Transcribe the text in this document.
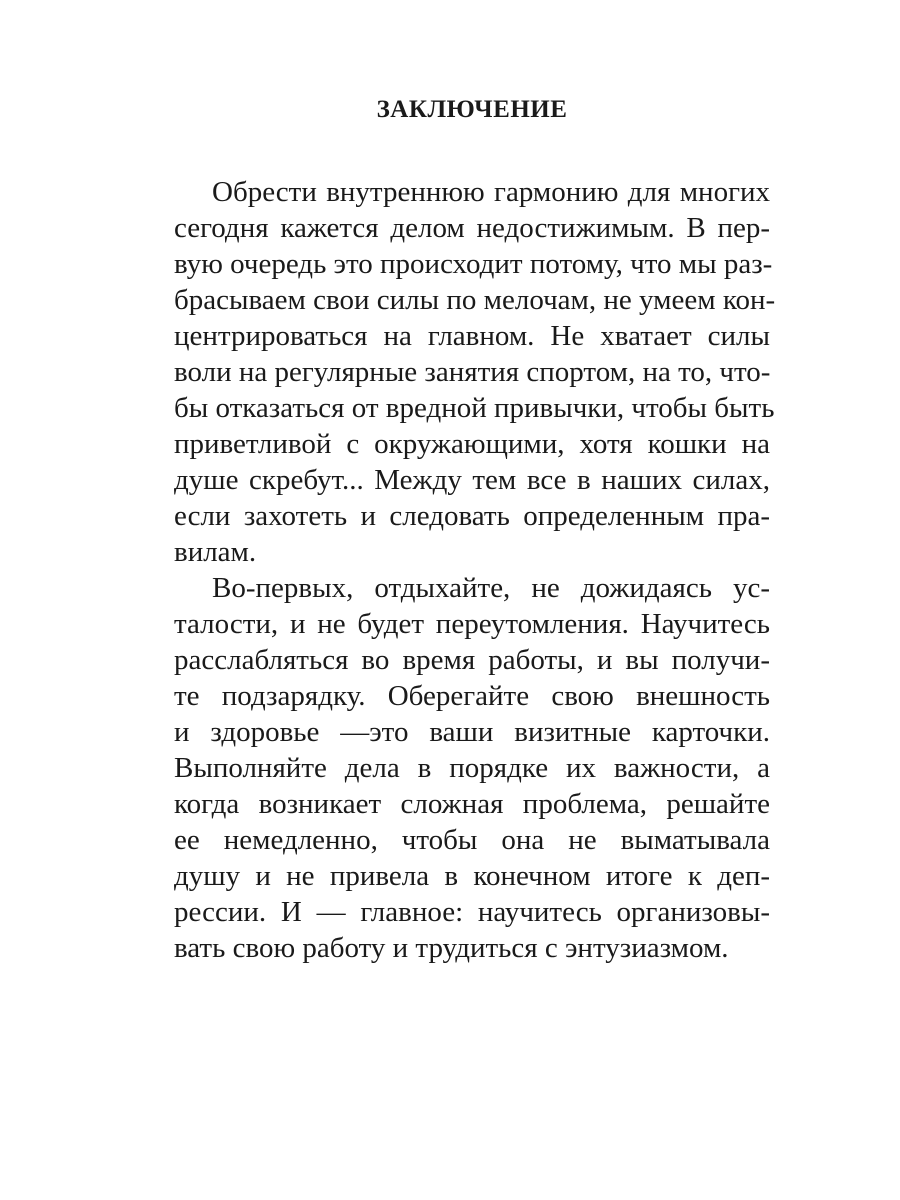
ЗАКЛЮЧЕНИЕ

Обрести внутреннюю гармонию для многих
сегодня кажется делом недостижимым. В пер-
вую очередь это происходит потому, что мы раз-
брасываем свои силы по мелочам, не умеем кон-
центрироваться на главном. Не хватает силы
воли на регулярные занятия спортом, на то, что-
бы отказаться от вредной привычки, чтобы быть
приветливой с окружающими, хотя кошки на
душе скребут... Между тем все в наших силах,
если захотеть и следовать определенным пра-
вилам.

Во-первых, отдыхайте, не дожидаясь ус-
талости, и не будет переутомления. Научитесь
расслабляться во время работы, и вы получи-
те подзарядку. Оберегайте свою внешность
и здоровье —это ваши визитные карточки.
Выполняйте дела в порядке их важности, а
когда возникает сложная проблема, решайте
ее немедленно, чтобы она не выматывала
душу и не привела в конечном итоге к деп-
рессии. И — главное: научитесь организовы-
вать свою работу и трудиться с энтузиазмом.
